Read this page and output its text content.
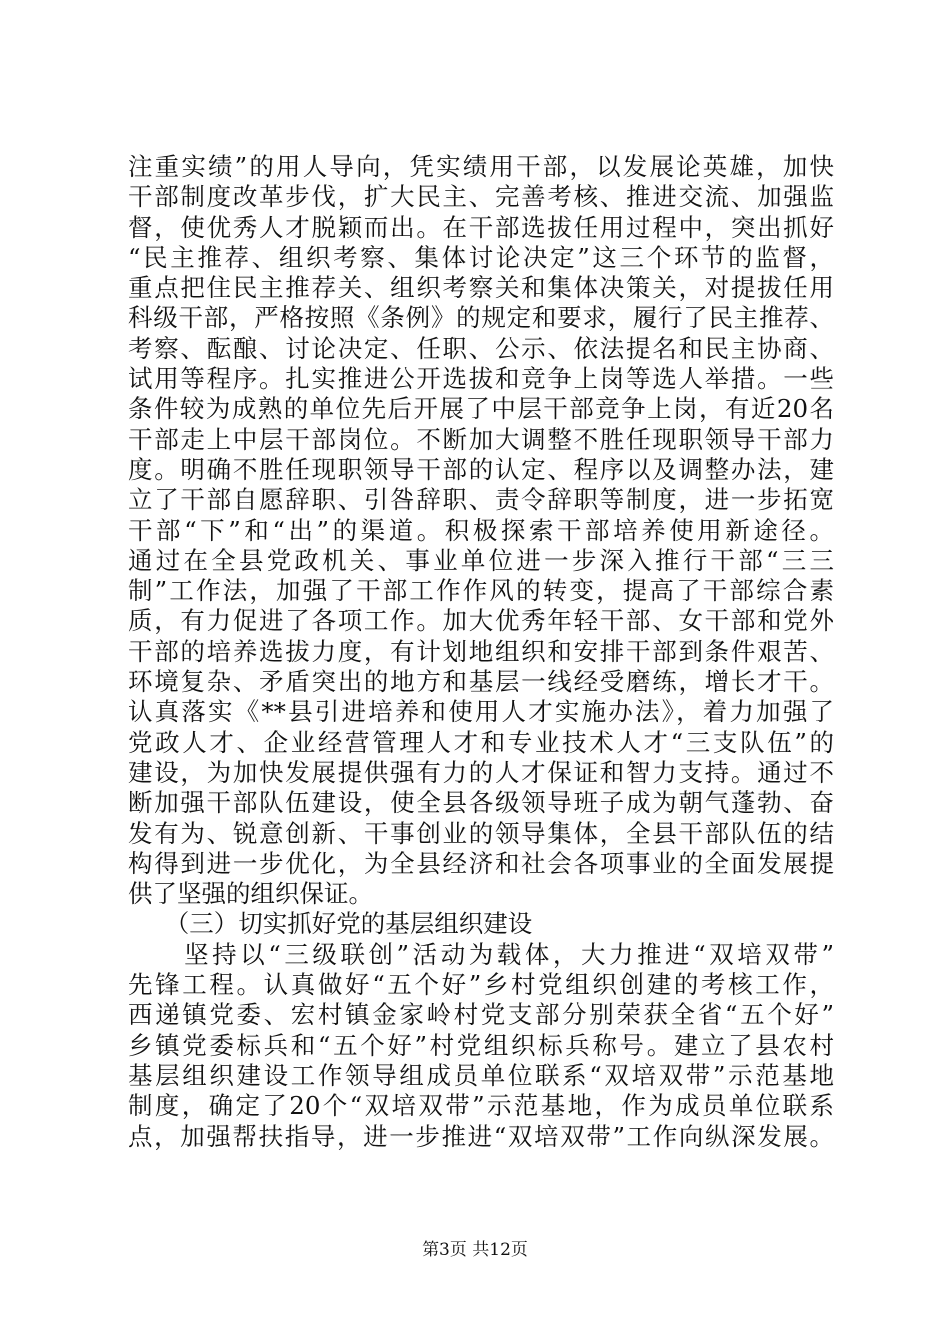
注重实绩”的用人导向，凭实绩用干部，以发展论英雄，加快
干部制度改革步伐，扩大民主、完善考核、推进交流、加强监
督，使优秀人才脱颖而出。在干部选拔任用过程中，突出抓好
“民主推荐、组织考察、集体讨论决定”这三个环节的监督，
重点把住民主推荐关、组织考察关和集体决策关，对提拔任用
科级干部，严格按照《条例》的规定和要求，履行了民主推荐、
考察、酝酿、讨论决定、任职、公示、依法提名和民主协商、
试用等程序。扎实推进公开选拔和竞争上岗等选人举措。一些
条件较为成熟的单位先后开展了中层干部竞争上岗，有近20名
干部走上中层干部岗位。不断加大调整不胜任现职领导干部力
度。明确不胜任现职领导干部的认定、程序以及调整办法，建
立了干部自愿辞职、引咎辞职、责令辞职等制度，进一步拓宽
干部“下”和“出”的渠道。积极探索干部培养使用新途径。
通过在全县党政机关、事业单位进一步深入推行干部“三三
制”工作法，加强了干部工作作风的转变，提高了干部综合素
质，有力促进了各项工作。加大优秀年轻干部、女干部和党外
干部的培养选拔力度，有计划地组织和安排干部到条件艰苦、
环境复杂、矛盾突出的地方和基层一线经受磨练，增长才干。
认真落实《**县引进培养和使用人才实施办法》，着力加强了
党政人才、企业经营管理人才和专业技术人才“三支队伍”的
建设，为加快发展提供强有力的人才保证和智力支持。通过不
断加强干部队伍建设，使全县各级领导班子成为朝气蓬勃、奋
发有为、锐意创新、干事创业的领导集体，全县干部队伍的结
构得到进一步优化，为全县经济和社会各项事业的全面发展提
供了坚强的组织保证。
　　（三）切实抓好党的基层组织建设
　　坚持以“三级联创”活动为载体，大力推进“双培双带”
先锋工程。认真做好“五个好”乡村党组织创建的考核工作，
西递镇党委、宏村镇金家岭村党支部分别荣获全省“五个好”
乡镇党委标兵和“五个好”村党组织标兵称号。建立了县农村
基层组织建设工作领导组成员单位联系“双培双带”示范基地
制度，确定了20个“双培双带”示范基地，作为成员单位联系
点，加强帮扶指导，进一步推进“双培双带”工作向纵深发展。
第3页 共12页
